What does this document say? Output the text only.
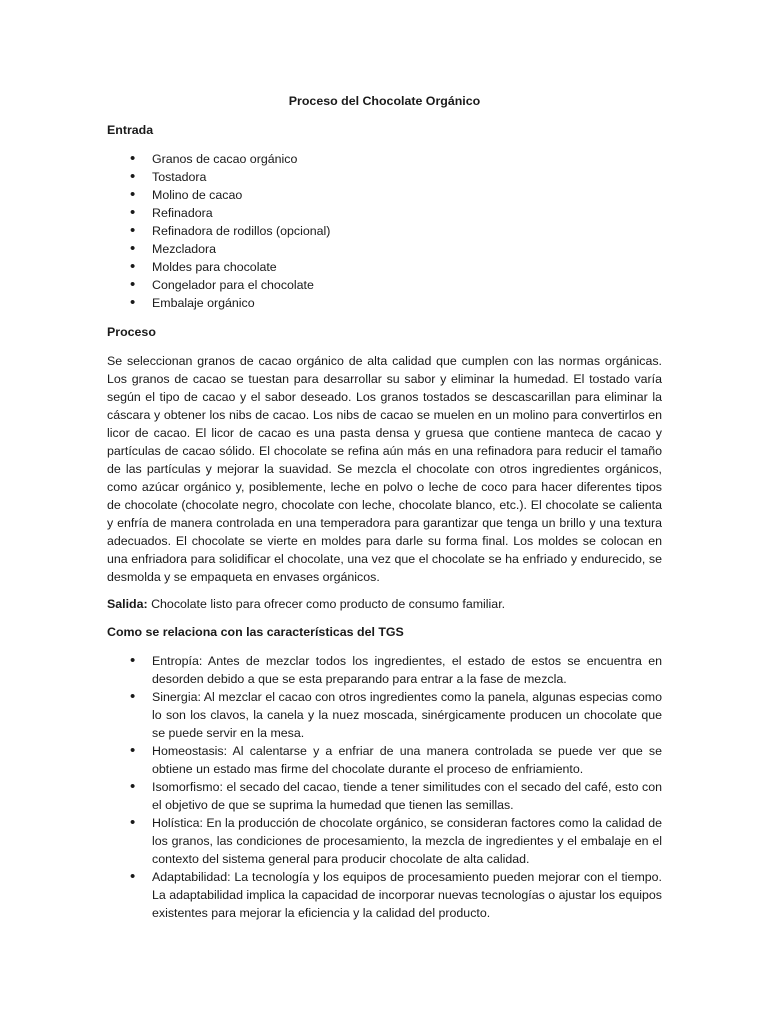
Proceso del Chocolate Orgánico
Entrada
• Granos de cacao orgánico
• Tostadora
• Molino de cacao
• Refinadora
• Refinadora de rodillos (opcional)
• Mezcladora
• Moldes para chocolate
• Congelador para el chocolate
• Embalaje orgánico
Proceso

Se seleccionan granos de cacao orgánico de alta calidad que cumplen con las normas orgánicas. Los granos de cacao se tuestan para desarrollar su sabor y eliminar la humedad. El tostado varía según el tipo de cacao y el sabor deseado. Los granos tostados se descascarillan para eliminar la cáscara y obtener los nibs de cacao. Los nibs de cacao se muelen en un molino para convertirlos en licor de cacao. El licor de cacao es una pasta densa y gruesa que contiene manteca de cacao y partículas de cacao sólido. El chocolate se refina aún más en una refinadora para reducir el tamaño de las partículas y mejorar la suavidad. Se mezcla el chocolate con otros ingredientes orgánicos, como azúcar orgánico y, posiblemente, leche en polvo o leche de coco para hacer diferentes tipos de chocolate (chocolate negro, chocolate con leche, chocolate blanco, etc.). El chocolate se calienta y enfría de manera controlada en una temperadora para garantizar que tenga un brillo y una textura adecuados. El chocolate se vierte en moldes para darle su forma final. Los moldes se colocan en una enfriadora para solidificar el chocolate, una vez que el chocolate se ha enfriado y endurecido, se desmolda y se empaqueta en envases orgánicos.

Salida: Chocolate listo para ofrecer como producto de consumo familiar.
Como se relaciona con las características del TGS
• Entropía: Antes de mezclar todos los ingredientes, el estado de estos se encuentra en desorden debido a que se esta preparando para entrar a la fase de mezcla.
• Sinergia: Al mezclar el cacao con otros ingredientes como la panela, algunas especias como lo son los clavos, la canela y la nuez moscada, sinérgicamente producen un chocolate que se puede servir en la mesa.
• Homeostasis: Al calentarse y a enfriar de una manera controlada se puede ver que se obtiene un estado mas firme del chocolate durante el proceso de enfriamiento.
• Isomorfismo: el secado del cacao, tiende a tener similitudes con el secado del café, esto con el objetivo de que se suprima la humedad que tienen las semillas.
• Holística: En la producción de chocolate orgánico, se consideran factores como la calidad de los granos, las condiciones de procesamiento, la mezcla de ingredientes y el embalaje en el contexto del sistema general para producir chocolate de alta calidad.
• Adaptabilidad: La tecnología y los equipos de procesamiento pueden mejorar con el tiempo. La adaptabilidad implica la capacidad de incorporar nuevas tecnologías o ajustar los equipos existentes para mejorar la eficiencia y la calidad del producto.
